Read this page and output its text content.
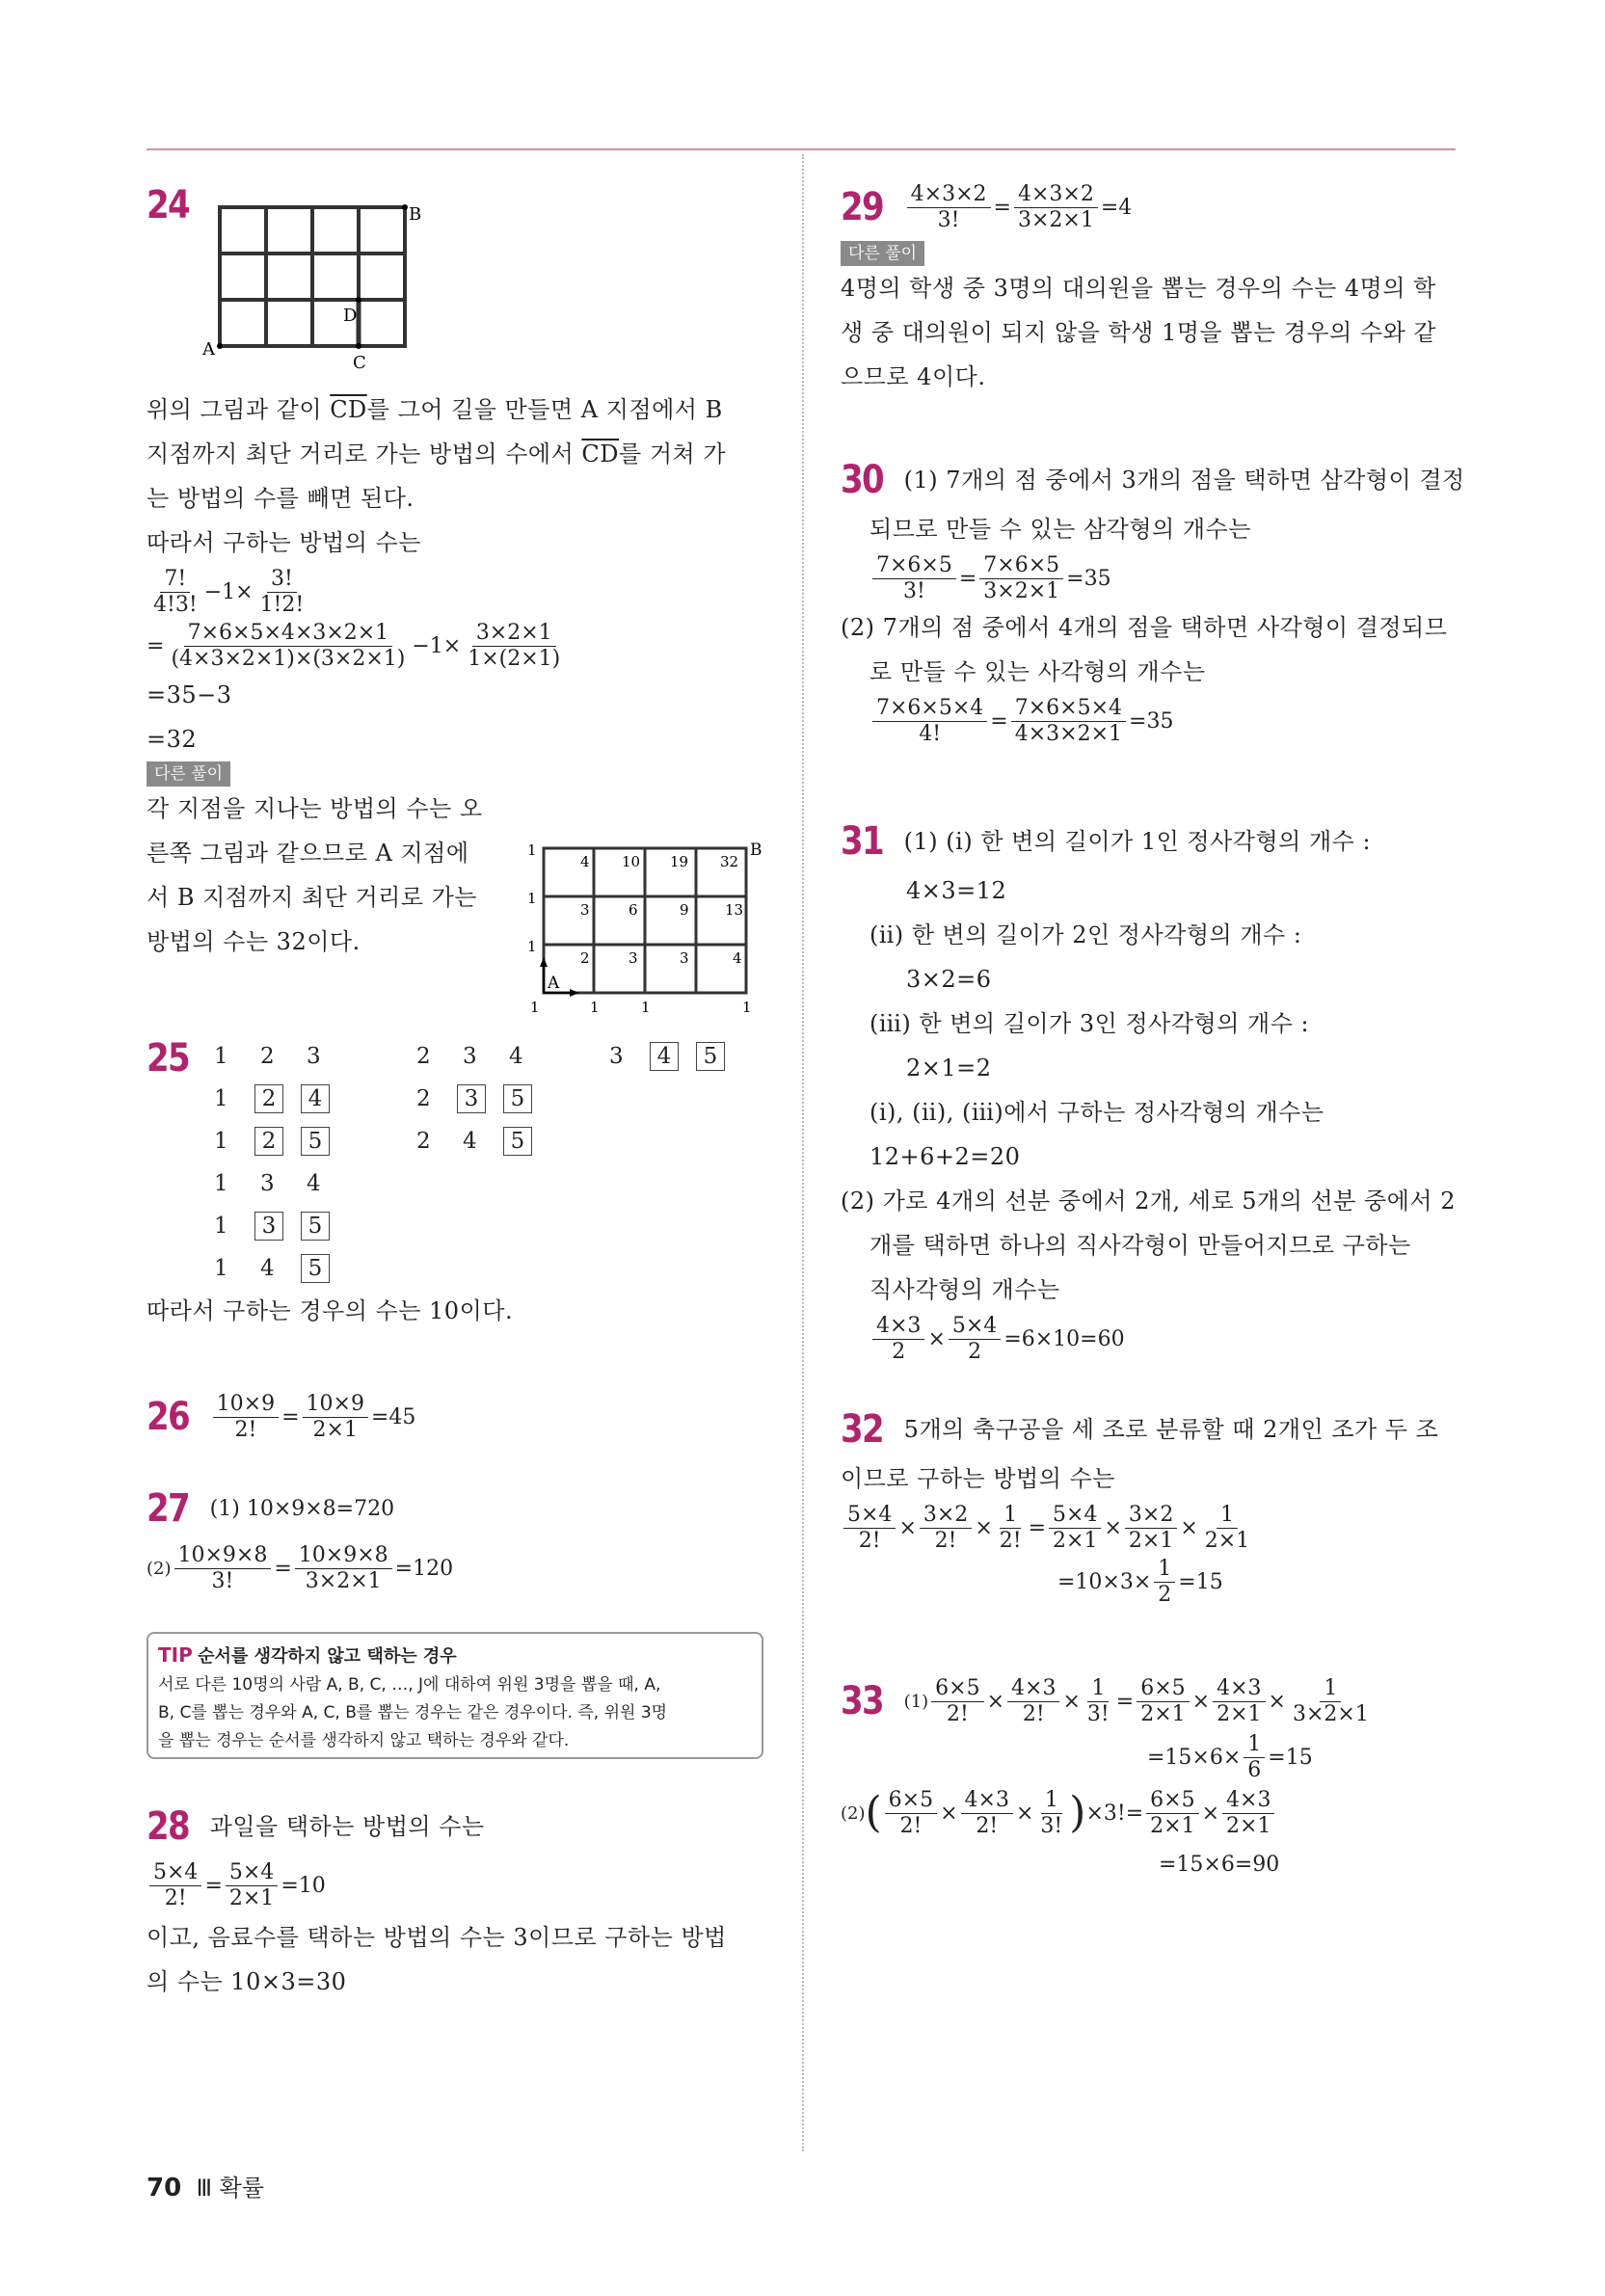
24
A
B
C
D
위의 그림과 같이 $\overline{CD}$를 그어 길을 만들면 A 지점에서 B
지점까지 최단 거리로 가는 방법의 수에서 $\overline{CD}$를 거쳐 가
는 방법의 수를 빼면 된다.
따라서 구하는 방법의 수는
$\frac{7!}{4!3!} -1\times \frac{3!}{1!2!}$
= $\frac{7\times 6\times 5\times 4\times 3\times 2\times 1}{(4\times 3\times 2\times 1)\times(3\times 2\times 1)} -1\times \frac{3\times 2\times 1}{1\times(2\times 1)}$
=35−3
=32
다른 풀이
각 지점을 지나는 방법의 수는 오
른쪽 그림과 같으므로 A 지점에
서 B 지점까지 최단 거리로 가는
방법의 수는 32이다.
4 10 19 32
3	6	9 13
2	3	3	4
1
1
1
1	1	1	1
A
B
25 1 2 3
1	2	4
1	2	5
1 3 4
1	3	5
1 4	5
2 3 4
2	3	5
2 4	5
3	4	5
따라서 구하는 경우의 수는 10이다.
$26 \frac{10\times 9}{2!} = \frac{10\times 9}{2\times 1} =45$
27 (1) 10×9×8=720
$(2) \frac{10\times 9\times 8}{3!} = \frac{10\times 9\times 8}{3\times 2\times 1} =120$
TIP 순서를 생각하지 않고 택하는 경우
서로 다른 10명의 사람 A, B, C, …, J에 대하여 위원 3명을 뽑을 때, A,
B, C를 뽑는 경우와 A, C, B를 뽑는 경우는 같은 경우이다. 즉, 위원 3명
을 뽑는 경우는 순서를 생각하지 않고 택하는 경우와 같다.
28 과일을 택하는 방법의 수는
$\frac{5\times 4}{2!} = \frac{5\times 4}{2\times 1} =10$
이고, 음료수를 택하는 방법의 수는 3이므로 구하는 방법
의 수는 10×3=30
$29 \frac{4\times 3\times 2}{3!} = \frac{4\times 3\times 2}{3\times 2\times 1} =4$
다른 풀이
4명의 학생 중 3명의 대의원을 뽑는 경우의 수는 4명의 학
생 중 대의원이 되지 않을 학생 1명을 뽑는 경우의 수와 같
으므로 4이다.
30 (1) 7개의 점 중에서 3개의 점을 택하면 삼각형이 결정
되므로 만들 수 있는 삼각형의 개수는
$\frac{7\times 6\times 5}{3!} = \frac{7\times 6\times 5}{3\times 2\times 1} =35$
(2) 7개의 점 중에서 4개의 점을 택하면 사각형이 결정되므
로 만들 수 있는 사각형의 개수는
$\frac{7\times 6\times 5\times 4}{4!} = \frac{7\times 6\times 5\times 4}{4\times 3\times 2\times 1} =35$
31 (1) (ⅰ) 한 변의 길이가 1인 정사각형의 개수 :
4×3=12
(ⅱ) 한 변의 길이가 2인 정사각형의 개수 :
3×2=6
(ⅲ) 한 변의 길이가 3인 정사각형의 개수 :
2×1=2
(ⅰ), (ⅱ), (ⅲ)에서 구하는 정사각형의 개수는
12+6+2=20
(2) 가로 4개의 선분 중에서 2개, 세로 5개의 선분 중에서 2
개를 택하면 하나의 직사각형이 만들어지므로 구하는
직사각형의 개수는
$\frac{4\times 3}{2} \times \frac{5\times 4}{2} =6\times 10=60$
32 5개의 축구공을 세 조로 분류할 때 2개인 조가 두 조
이므로 구하는 방법의 수는
$\frac{5\times 4}{2!} \times \frac{3\times 2}{2!} \times \frac{1}{2!} = \frac{5\times 4}{2\times 1} \times \frac{3\times 2}{2\times 1} \times \frac{1}{2\times 1}$
$=10\times 3\times \frac{1}{2} =15$
33 $(1) \frac{6\times 5}{2!} \times \frac{4\times 3}{2!} \times \frac{1}{3!} = \frac{6\times 5}{2\times 1} \times \frac{4\times 3}{2\times 1} \times \frac{1}{3\times 2\times 1}$
$=15\times 6\times \frac{1}{6} =15$
(2) ( $\frac{6\times 5}{2!} \times \frac{4\times 3}{2!} \times \frac{1}{3!}$ ) ×3! = $\frac{6\times 5}{2\times 1} \times \frac{4\times 3}{2\times 1}$
=15×6=90
70 Ⅲ 확률
